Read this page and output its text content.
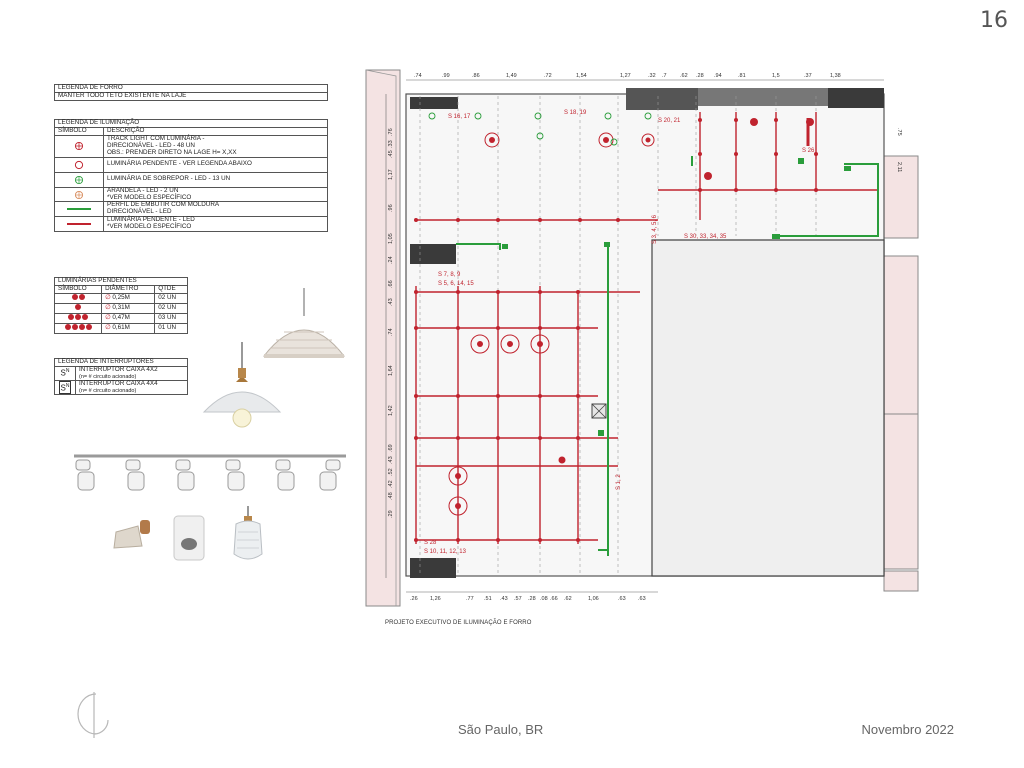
16
LEGENDA DE FORRO
MANTER TODO TETO EXISTENTE NA LAJE
LEGENDA DE ILUMINAÇÃO	
SÍMBOLO	DESCRIÇÃO

TRACK LIGHT COM LUMINÁRIA -
DIRECIONÁVEL - LED - 48 UN
OBS.: PRENDER DIRETO NA LAGE H= X,XX

LUMINÁRIA PENDENTE - VER LEGENDA ABAIXO

LUMINÁRIA DE SOBREPOR - LED - 13 UN

ARANDELA - LED - 2 UN
*VER MODELO ESPECÍFICO

PERFIL DE EMBUTIR COM MOLDURA
DIRECIONÁVEL - LED

LUMINÁRIA PENDENTE - LED
*VER MODELO ESPECÍFICO
LUMINÁRIAS PENDENTES		
SÍMBOLO	DIÂMETRO	QTDE
	∅ 0,25M	02 UN
	∅ 0,31M	02 UN
	∅ 0,47M	03 UN
	∅ 0,61M	01 UN
LEGENDA DE INTERRUPTORES	
$S^N$	INTERRUPTOR CAIXA 4X2
(n= # circuito acionado)

$S^N$	INTERRUPTOR CAIXA 4X4
(n= # circuito acionado)
S 16, 17
S 18, 19
S 20, 21
S 26
S 30, 33, 34, 35
S 7, 8, 9
S 5, 6, 14, 15
S 10, 11, 12, 13
S 1, 2
S 3, 4, 5, 6
S 28
.74	.99	.86	1,49	.72	1,54	1,27	.32 .7 .62 .28 .94	.81	1,5	.37	1,38
.26 1,26	.77 .51 .43 .57 .28 .08 .66 .62	1,06	.63 .63
.76
.33
.45
1,17
.96
1,05
.24
.66
.43
.74
1,64
1,42
.69
.43
.52
.42
.48
.29
.75
2,11
PROJETO EXECUTIVO DE ILUMINAÇÃO E FORRO
São Paulo, BR	Novembro 2022
